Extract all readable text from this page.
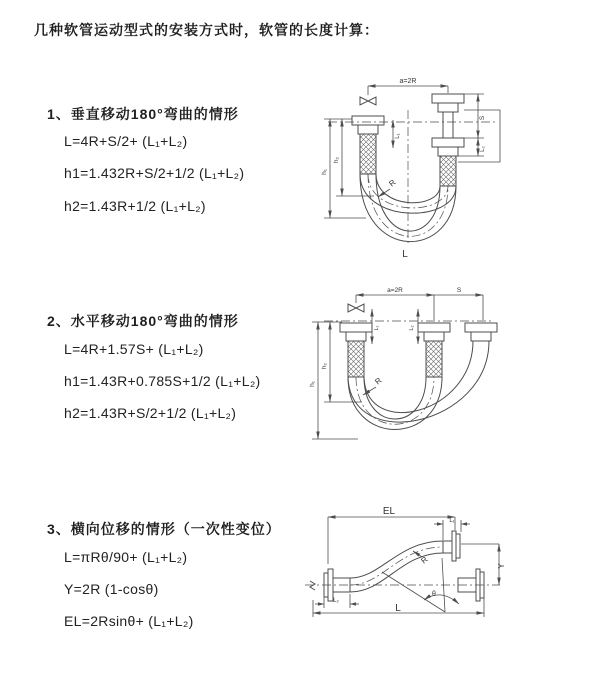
几种软管运动型式的安装方式时，软管的长度计算：
1、垂直移动180°弯曲的情形
L=4R+S/2+ (L₁+L₂)
h1=1.432R+S/2+1/2 (L₁+L₂)
h2=1.43R+1/2 (L₁+L₂)
2、水平移动180°弯曲的情形
L=4R+1.57S+ (L₁+L₂)
h1=1.43R+0.785S+1/2 (L₁+L₂)
h2=1.43R+S/2+1/2 (L₁+L₂)
3、横向位移的情形（一次性变位）
L=πRθ/90+ (L₁+L₂)
Y=2R (1-cosθ)
EL=2Rsinθ+ (L₁+L₂)
a=2R
h₁
h₂
L₁
S
L₂
R
L
a=2R	S
h₁
h₂
L₁	L₂
R
EL
L₁
L₂
L
Y
θ
R
